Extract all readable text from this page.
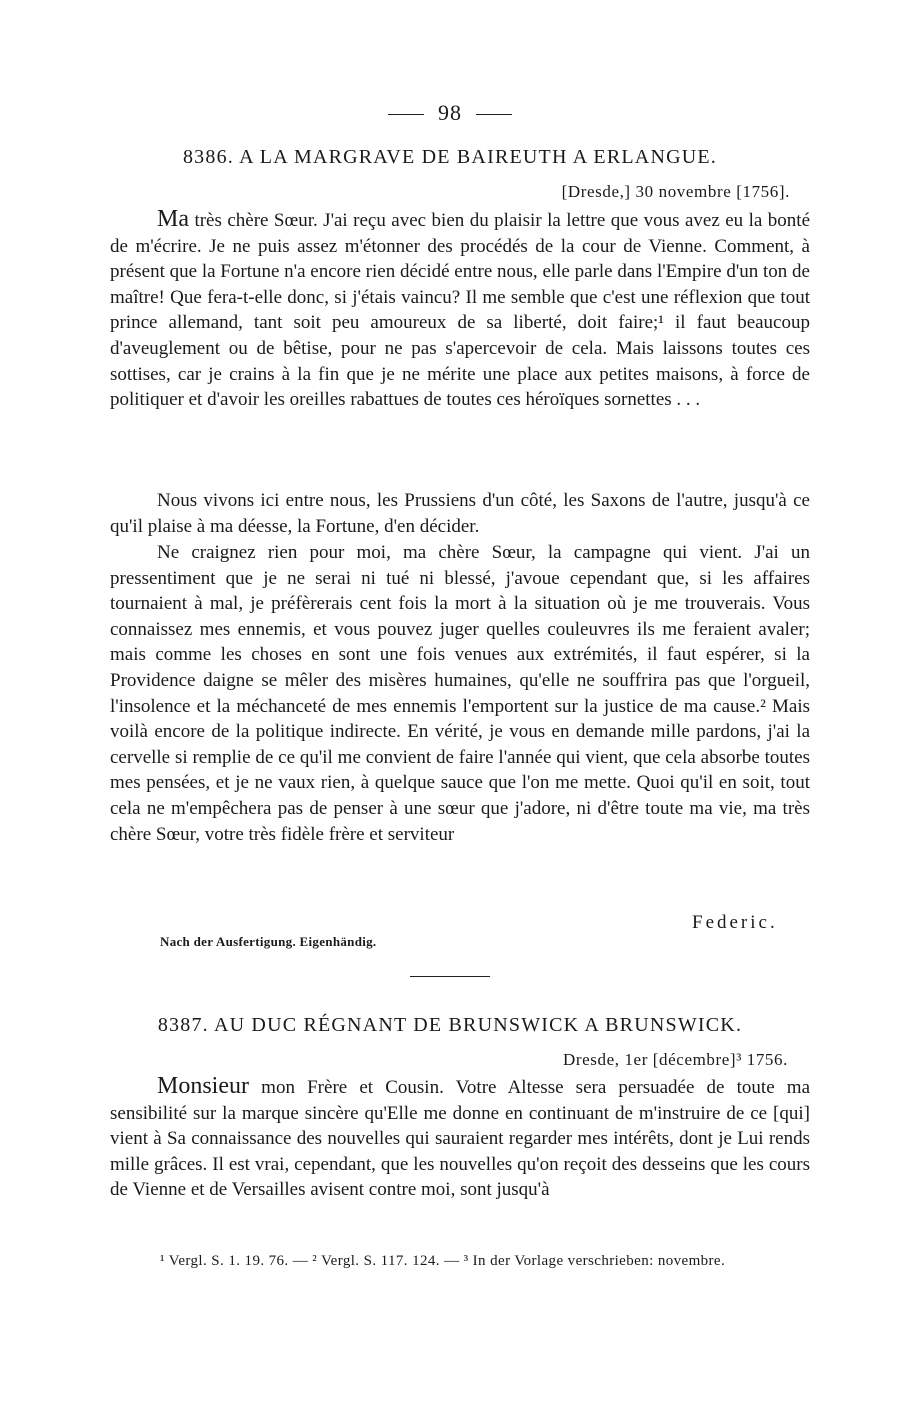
98
8386. A LA MARGRAVE DE BAIREUTH A ERLANGUE.
[Dresde,] 30 novembre [1756].

Ma très chère Sœur. J'ai reçu avec bien du plaisir la lettre que vous avez eu la bonté de m'écrire. Je ne puis assez m'étonner des procédés de la cour de Vienne. Comment, à présent que la Fortune n'a encore rien décidé entre nous, elle parle dans l'Empire d'un ton de maître! Que fera-t-elle donc, si j'étais vaincu? Il me semble que c'est une réflexion que tout prince allemand, tant soit peu amoureux de sa liberté, doit faire;¹ il faut beaucoup d'aveuglement ou de bêtise, pour ne pas s'apercevoir de cela. Mais laissons toutes ces sottises, car je crains à la fin que je ne mérite une place aux petites maisons, à force de politiquer et d'avoir les oreilles rabattues de toutes ces héroïques sornettes . . .

Nous vivons ici entre nous, les Prussiens d'un côté, les Saxons de l'autre, jusqu'à ce qu'il plaise à ma déesse, la Fortune, d'en décider.

Ne craignez rien pour moi, ma chère Sœur, la campagne qui vient. J'ai un pressentiment que je ne serai ni tué ni blessé, j'avoue cependant que, si les affaires tournaient à mal, je préfèrerais cent fois la mort à la situation où je me trouverais. Vous connaissez mes ennemis, et vous pouvez juger quelles couleuvres ils me feraient avaler; mais comme les choses en sont une fois venues aux extrémités, il faut espérer, si la Providence daigne se mêler des misères humaines, qu'elle ne souffrira pas que l'orgueil, l'insolence et la méchanceté de mes ennemis l'emportent sur la justice de ma cause.² Mais voilà encore de la politique indirecte. En vérité, je vous en demande mille pardons, j'ai la cervelle si remplie de ce qu'il me convient de faire l'année qui vient, que cela absorbe toutes mes pensées, et je ne vaux rien, à quelque sauce que l'on me mette. Quoi qu'il en soit, tout cela ne m'empêchera pas de penser à une sœur que j'adore, ni d'être toute ma vie, ma très chère Sœur, votre très fidèle frère et serviteur

Federic.
Nach der Ausfertigung. Eigenhändig.
8387. AU DUC RÉGNANT DE BRUNSWICK A BRUNSWICK.
Dresde, 1er [décembre]³ 1756.

Monsieur mon Frère et Cousin. Votre Altesse sera persuadée de toute ma sensibilité sur la marque sincère qu'Elle me donne en continuant de m'instruire de ce [qui] vient à Sa connaissance des nouvelles qui sauraient regarder mes intérêts, dont je Lui rends mille grâces. Il est vrai, cependant, que les nouvelles qu'on reçoit des desseins que les cours de Vienne et de Versailles avisent contre moi, sont jusqu'à

¹ Vergl. S. 1. 19. 76. — ² Vergl. S. 117. 124. — ³ In der Vorlage verschrieben: novembre.
